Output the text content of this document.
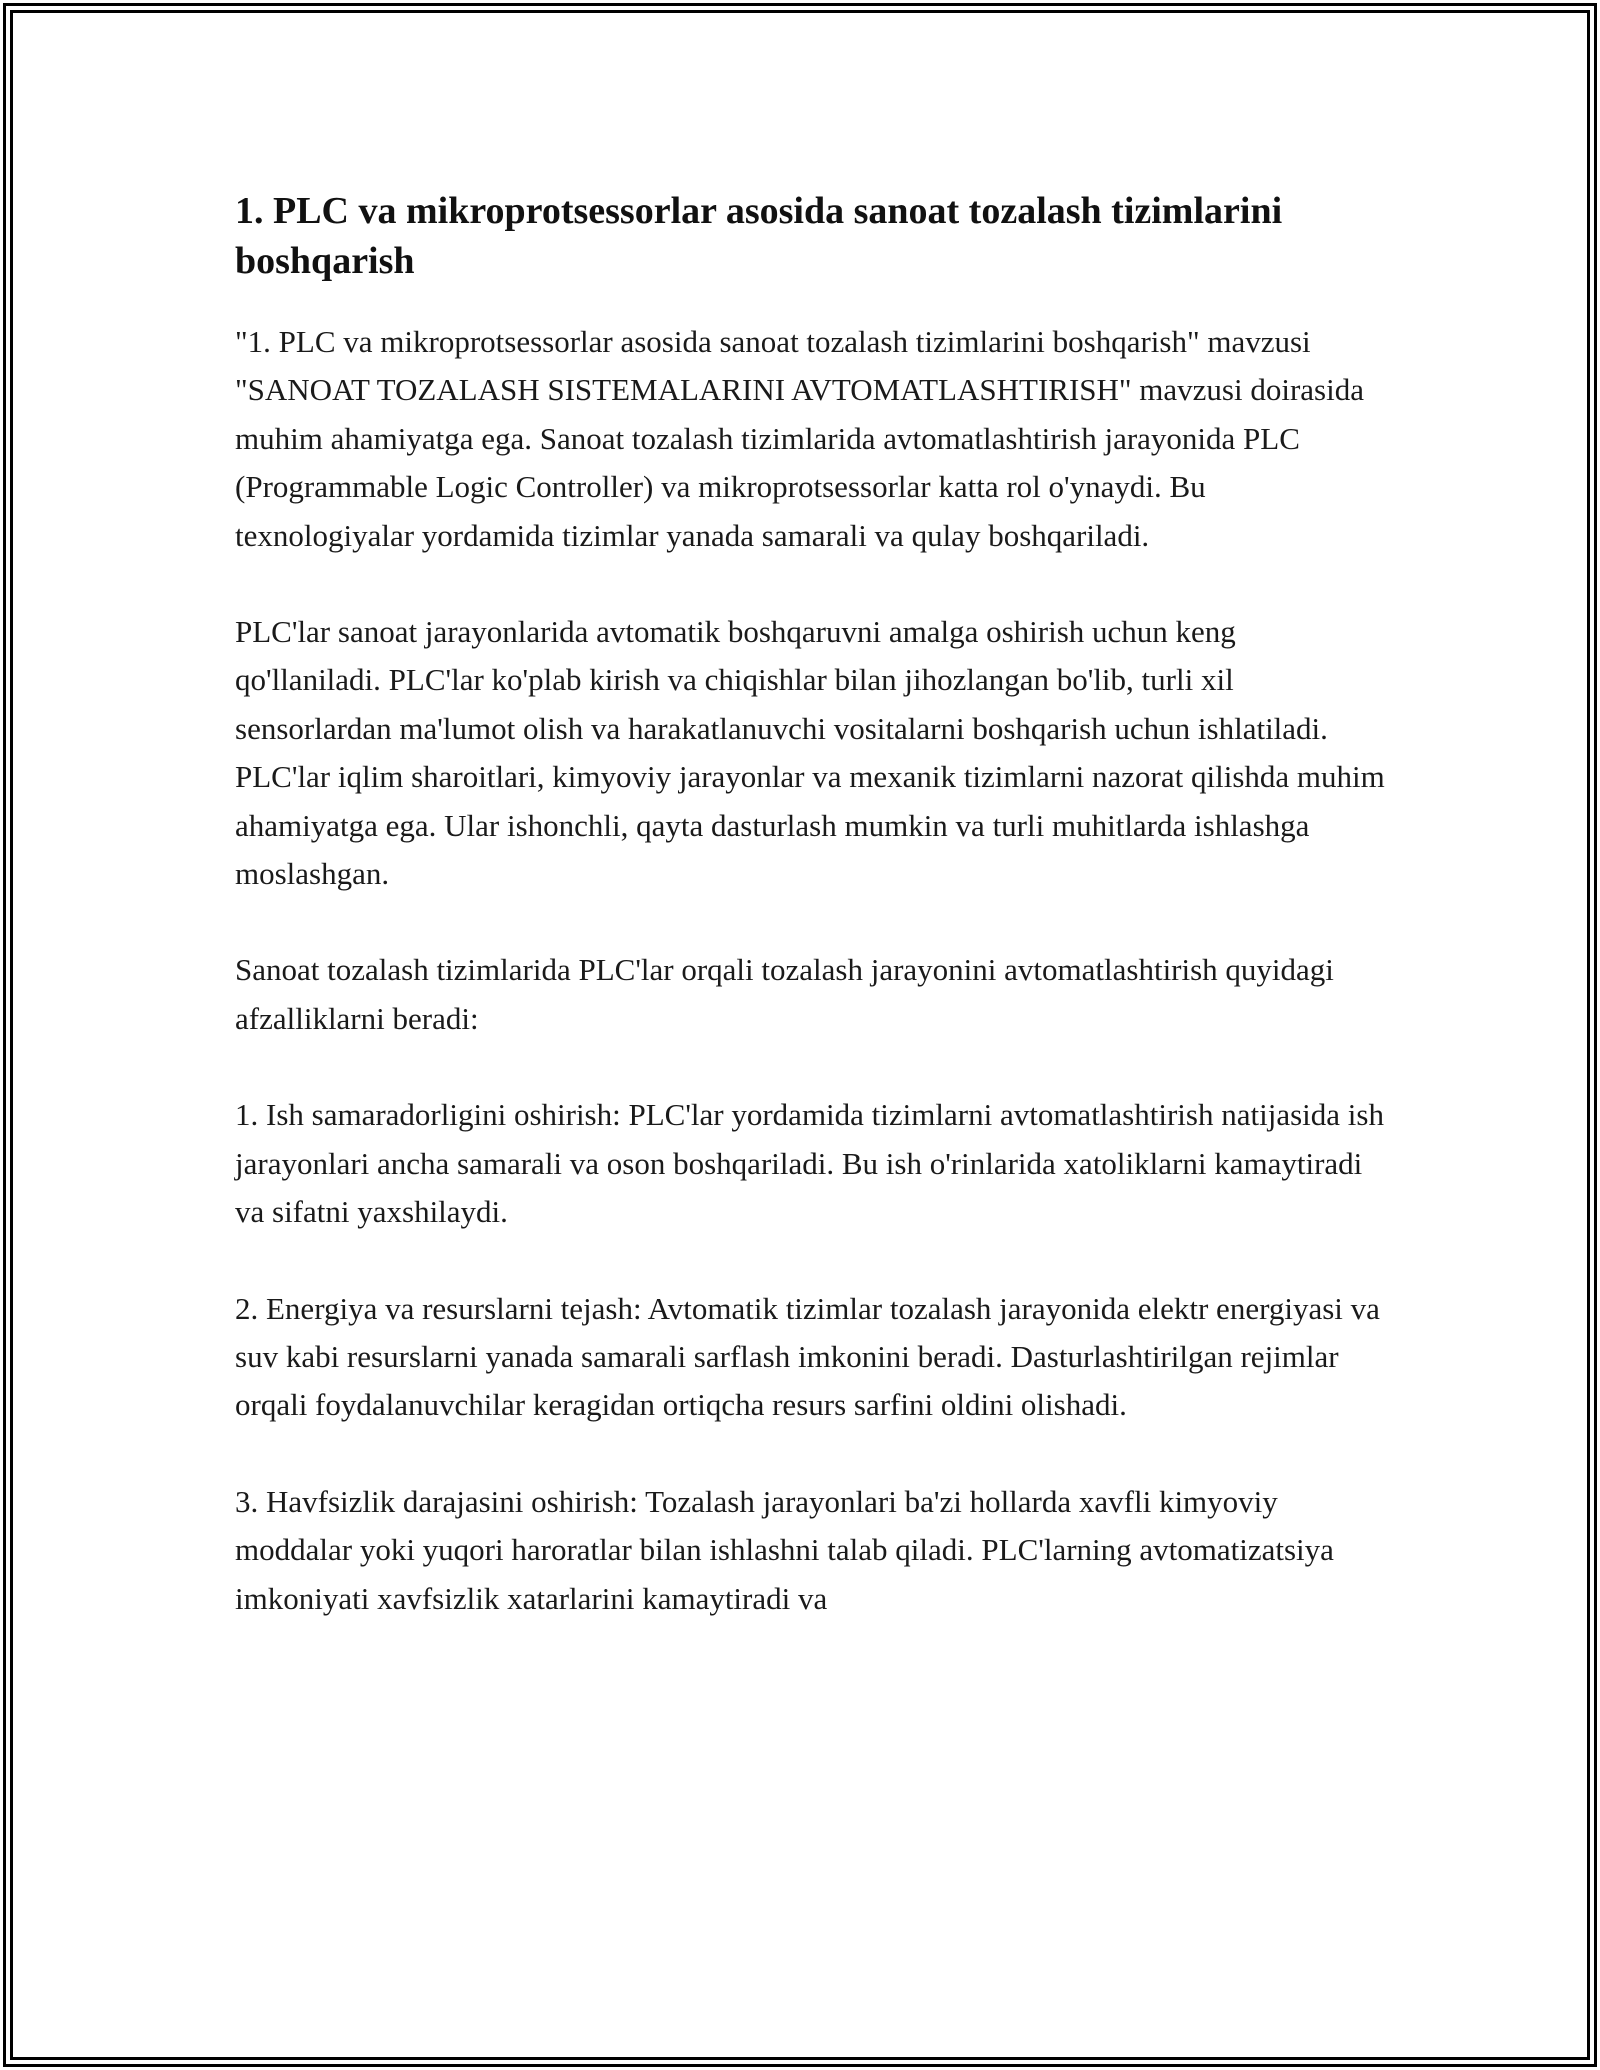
1. PLC va mikroprotsessorlar asosida sanoat tozalash tizimlarini boshqarish

"1. PLC va mikroprotsessorlar asosida sanoat tozalash tizimlarini boshqarish" mavzusi "SANOAT TOZALASH SISTEMALARINI AVTOMATLASHTIRISH" mavzusi doirasida muhim ahamiyatga ega. Sanoat tozalash tizimlarida avtomatlashtirish jarayonida PLC (Programmable Logic Controller) va mikroprotsessorlar katta rol o'ynaydi. Bu texnologiyalar yordamida tizimlar yanada samarali va qulay boshqariladi.

PLC'lar sanoat jarayonlarida avtomatik boshqaruvni amalga oshirish uchun keng qo'llaniladi. PLC'lar ko'plab kirish va chiqishlar bilan jihozlangan bo'lib, turli xil sensorlardan ma'lumot olish va harakatlanuvchi vositalarni boshqarish uchun ishlatiladi. PLC'lar iqlim sharoitlari, kimyoviy jarayonlar va mexanik tizimlarni nazorat qilishda muhim ahamiyatga ega. Ular ishonchli, qayta dasturlash mumkin va turli muhitlarda ishlashga moslashgan.

Sanoat tozalash tizimlarida PLC'lar orqali tozalash jarayonini avtomatlashtirish quyidagi afzalliklarni beradi:

1. Ish samaradorligini oshirish: PLC'lar yordamida tizimlarni avtomatlashtirish natijasida ish jarayonlari ancha samarali va oson boshqariladi. Bu ish o'rinlarida xatoliklarni kamaytiradi va sifatni yaxshilaydi.

2. Energiya va resurslarni tejash: Avtomatik tizimlar tozalash jarayonida elektr energiyasi va suv kabi resurslarni yanada samarali sarflash imkonini beradi. Dasturlashtirilgan rejimlar orqali foydalanuvchilar keragidan ortiqcha resurs sarfini oldini olishadi.

3. Havfsizlik darajasini oshirish: Tozalash jarayonlari ba'zi hollarda xavfli kimyoviy moddalar yoki yuqori haroratlar bilan ishlashni talab qiladi. PLC'larning avtomatizatsiya imkoniyati xavfsizlik xatarlarini kamaytiradi va
